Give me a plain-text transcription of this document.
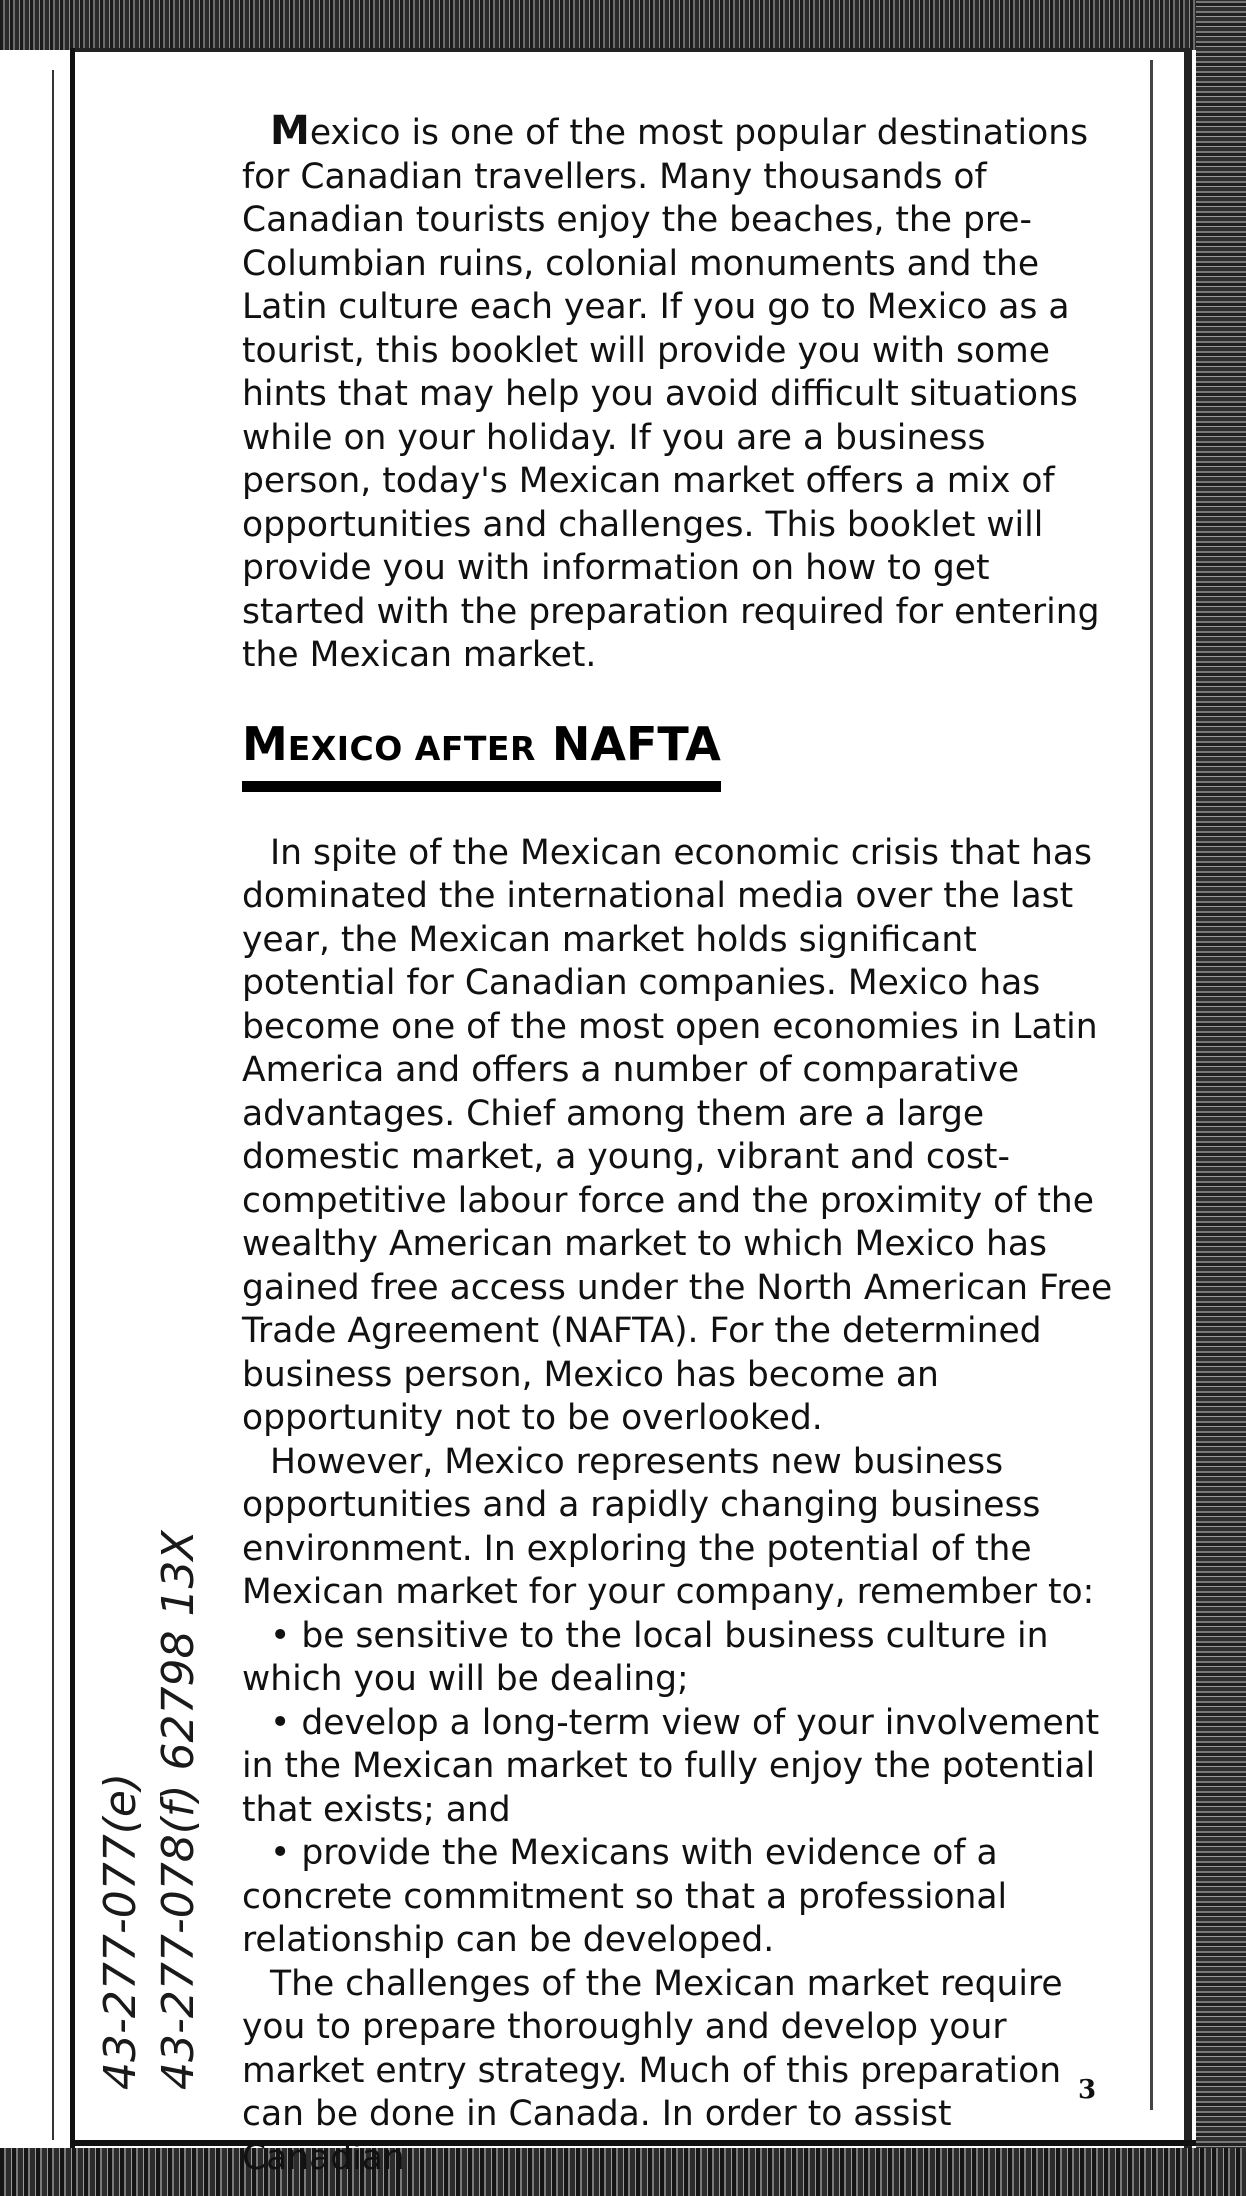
Mexico is one of the most popular destinations for Canadian travellers. Many thousands of Canadian tourists enjoy the beaches, the pre-Columbian ruins, colonial monuments and the Latin culture each year. If you go to Mexico as a tourist, this booklet will provide you with some hints that may help you avoid difficult situations while on your holiday. If you are a business person, today's Mexican market offers a mix of opportunities and challenges. This booklet will provide you with information on how to get started with the preparation required for entering the Mexican market.

MEXICO AFTER NAFTA

In spite of the Mexican economic crisis that has dominated the international media over the last year, the Mexican market holds significant potential for Canadian companies. Mexico has become one of the most open economies in Latin America and offers a number of comparative advantages. Chief among them are a large domestic market, a young, vibrant and cost-competitive labour force and the proximity of the wealthy American market to which Mexico has gained free access under the North American Free Trade Agreement (NAFTA). For the determined business person, Mexico has become an opportunity not to be overlooked.

However, Mexico represents new business opportunities and a rapidly changing business environment. In exploring the potential of the Mexican market for your company, remember to:

• be sensitive to the local business culture in which you will be dealing;

• develop a long-term view of your involvement in the Mexican market to fully enjoy the potential that exists; and

• provide the Mexicans with evidence of a concrete commitment so that a professional relationship can be developed.

The challenges of the Mexican market require you to prepare thoroughly and develop your market entry strategy. Much of this preparation can be done in Canada. In order to assist Canadian

3
43-277-077(e) 43-277-078(f) 62798 13X
